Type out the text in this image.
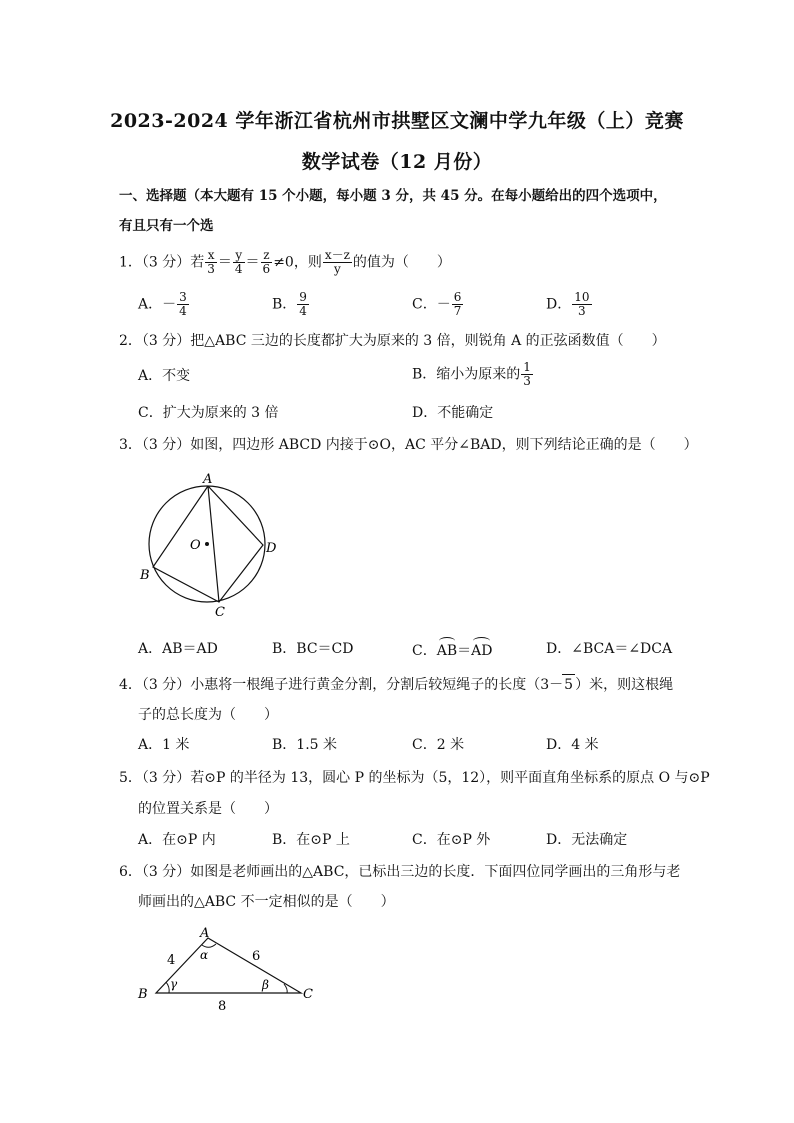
2023-2024 学年浙江省杭州市拱墅区文澜中学九年级（上）竞赛
数学试卷（12 月份）
一、选择题（本大题有 15 个小题，每小题 3 分，共 45 分。在每小题给出的四个选项中，
有且只有一个选
1．（3 分）若 $\frac{x}{3} = \frac{y}{4} = \frac{z}{6} \ne 0$，则 $\frac{x-z}{y}$ 的值为（　　）
A．－ $\frac{3}{4}$	B． $\frac{9}{4}$	C．－ $\frac{6}{7}$	D． $\frac{10}{3}$
2．（3 分）把△ABC 三边的长度都扩大为原来的 3 倍，则锐角 A 的正弦函数值（　　）
A．不变	B．缩小为原来的 $\frac{1}{3}$
C．扩大为原来的 3 倍	D．不能确定
3．（3 分）如图，四边形 ABCD 内接于⊙O，AC 平分∠BAD，则下列结论正确的是（　　）
A
B
C
D
O
A．AB＝AD	B．BC＝CD	C．AB＝AD	D．∠BCA＝∠DCA
4．（3 分）小惠将一根绳子进行黄金分割，分割后较短绳子的长度（3－5 ）米，则这根绳
子的总长度为（　　）
A．1 米	B．1.5 米	C．2 米	D．4 米
5．（3 分）若⊙P 的半径为 13，圆心 P 的坐标为（5，12），则平面直角坐标系的原点 O 与⊙P
的位置关系是（　　）
A．在⊙P 内	B．在⊙P 上	C．在⊙P 外	D．无法确定
6．（3 分）如图是老师画出的△ABC，已标出三边的长度．下面四位同学画出的三角形与老
师画出的△ABC 不一定相似的是（　　）
A
B	C
4	6
8
α
γ	β
